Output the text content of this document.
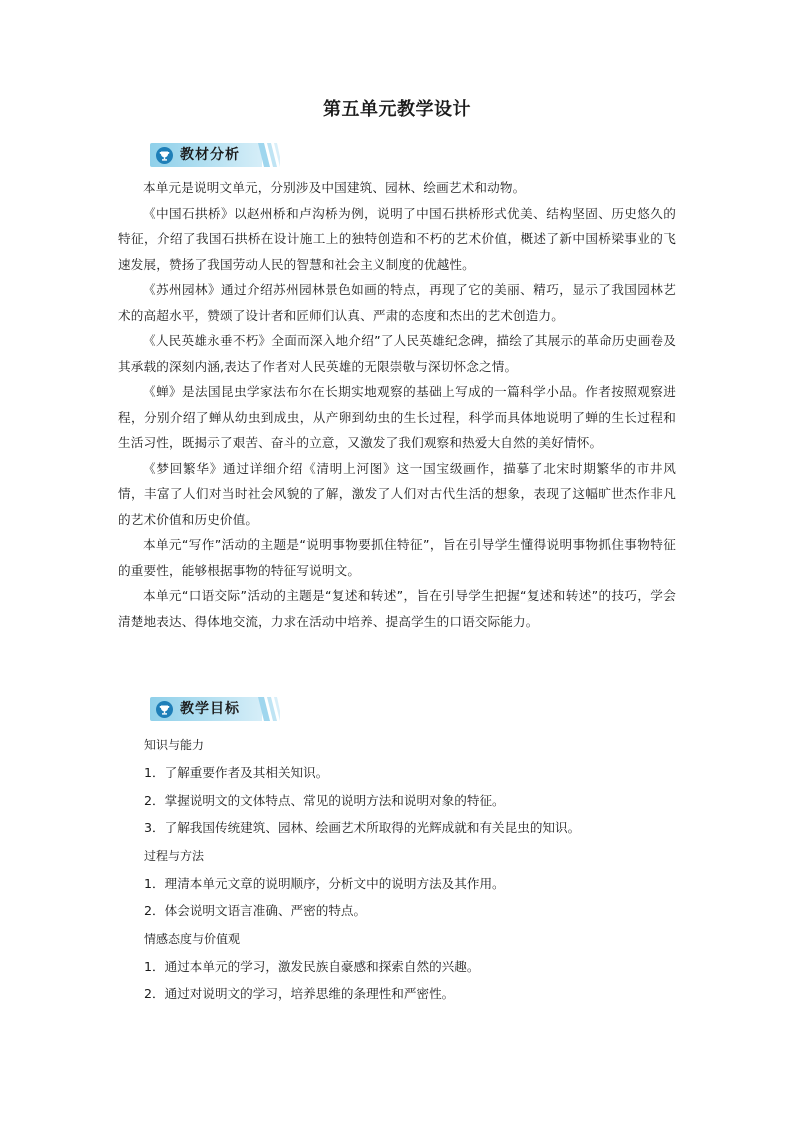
第五单元教学设计
教材分析

本单元是说明文单元，分别涉及中国建筑、园林、绘画艺术和动物。

《中国石拱桥》以赵州桥和卢沟桥为例，说明了中国石拱桥形式优美、结构坚固、历史悠久的特征，介绍了我国石拱桥在设计施工上的独特创造和不朽的艺术价值，概述了新中国桥梁事业的飞速发展，赞扬了我国劳动人民的智慧和社会主义制度的优越性。

《苏州园林》通过介绍苏州园林景色如画的特点，再现了它的美丽、精巧，显示了我国园林艺术的高超水平，赞颂了设计者和匠师们认真、严肃的态度和杰出的艺术创造力。

《人民英雄永垂不朽》全面而深入地介绍”了人民英雄纪念碑，描绘了其展示的革命历史画卷及其承载的深刻内涵,表达了作者对人民英雄的无限崇敬与深切怀念之情。

《蝉》是法国昆虫学家法布尔在长期实地观察的基础上写成的一篇科学小品。作者按照观察进程，分别介绍了蝉从幼虫到成虫，从产卵到幼虫的生长过程，科学而具体地说明了蝉的生长过程和生活习性，既揭示了艰苦、奋斗的立意，又激发了我们观察和热爱大自然的美好情怀。

《梦回繁华》通过详细介绍《清明上河图》这一国宝级画作，描摹了北宋时期繁华的市井风情，丰富了人们对当时社会风貌的了解，激发了人们对古代生活的想象，表现了这幅旷世杰作非凡的艺术价值和历史价值。

本单元“写作”活动的主题是“说明事物要抓住特征”，旨在引导学生懂得说明事物抓住事物特征的重要性，能够根据事物的特征写说明文。

本单元“口语交际”活动的主题是“复述和转述”，旨在引导学生把握“复述和转述”的技巧，学会清楚地表达、得体地交流，力求在活动中培养、提高学生的口语交际能力。

教学目标

知识与能力

1．了解重要作者及其相关知识。

2．掌握说明文的文体特点、常见的说明方法和说明对象的特征。

3．了解我国传统建筑、园林、绘画艺术所取得的光辉成就和有关昆虫的知识。

过程与方法

1．理清本单元文章的说明顺序，分析文中的说明方法及其作用。

2．体会说明文语言准确、严密的特点。

情感态度与价值观

1．通过本单元的学习，激发民族自豪感和探索自然的兴趣。

2．通过对说明文的学习，培养思维的条理性和严密性。
